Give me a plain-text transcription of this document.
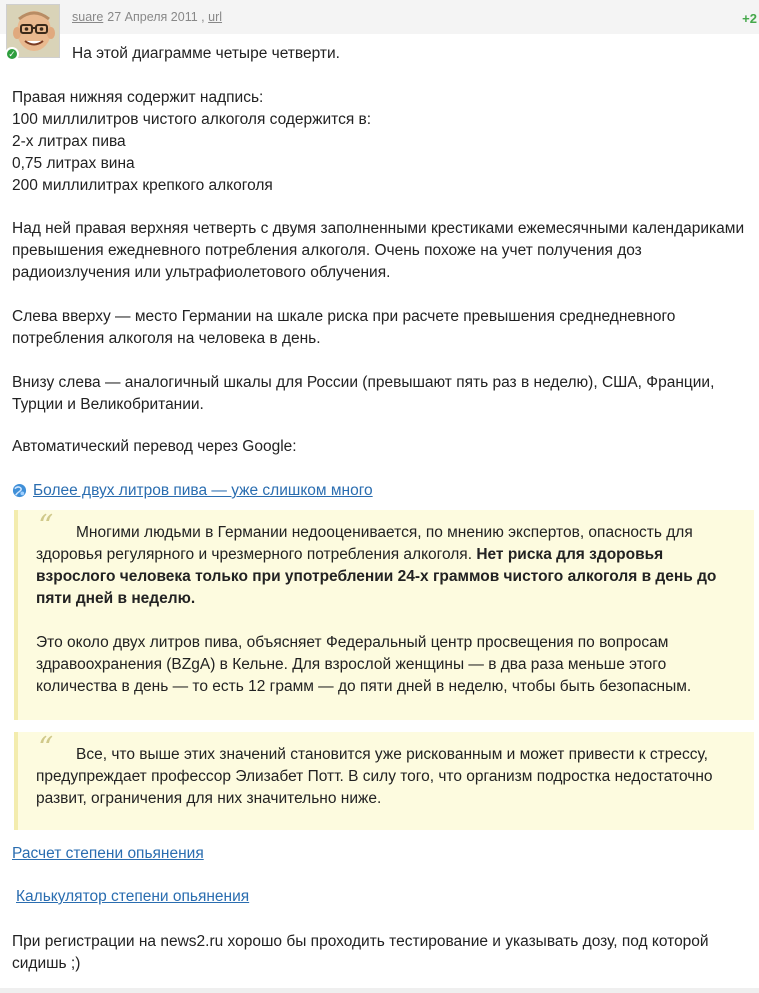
✓
suare 27 Апреля 2011 , url	+2

На этой диаграмме четыре четверти.

Правая нижняя содержит надпись:
100 миллилитров чистого алкоголя содержится в:
2-х литрах пива
0,75 литрах вина
200 миллилитрах крепкого алкоголя

Над ней правая верхняя четверть с двумя заполненными крестиками ежемесячными календариками превышения ежедневного потребления алкоголя. Очень похоже на учет получения доз радиоизлучения или ультрафиолетового облучения.

Слева вверху — место Германии на шкале риска при расчете превышения среднедневного потребления алкоголя на человека в день.

Внизу слева — аналогичный шкалы для России (превышают пять раз в неделю), США, Франции, Турции и Великобритании.

Автоматический перевод через Google:

Более двух литров пива — уже слишком много
“	Многими людьми в Германии недооценивается, по мнению экспертов, опасность для здоровья регулярного и чрезмерного потребления алкоголя. Нет риска для здоровья взрослого человека только при употреблении 24-х граммов чистого алкоголя в день до пяти дней в неделю.

Это около двух литров пива, объясняет Федеральный центр просвещения по вопросам здравоохранения (BZgA) в Кельне. Для взрослой женщины — в два раза меньше этого количества в день — то есть 12 грамм — до пяти дней в неделю, чтобы быть безопасным.

“	Все, что выше этих значений становится уже рискованным и может привести к стрессу, предупреждает профессор Элизабет Потт. В силу того, что организм подростка недостаточно развит, ограничения для них значительно ниже.

Расчет степени опьянения
Калькулятор степени опьянения

При регистрации на news2.ru хорошо бы проходить тестирование и указывать дозу, под которой сидишь ;)
